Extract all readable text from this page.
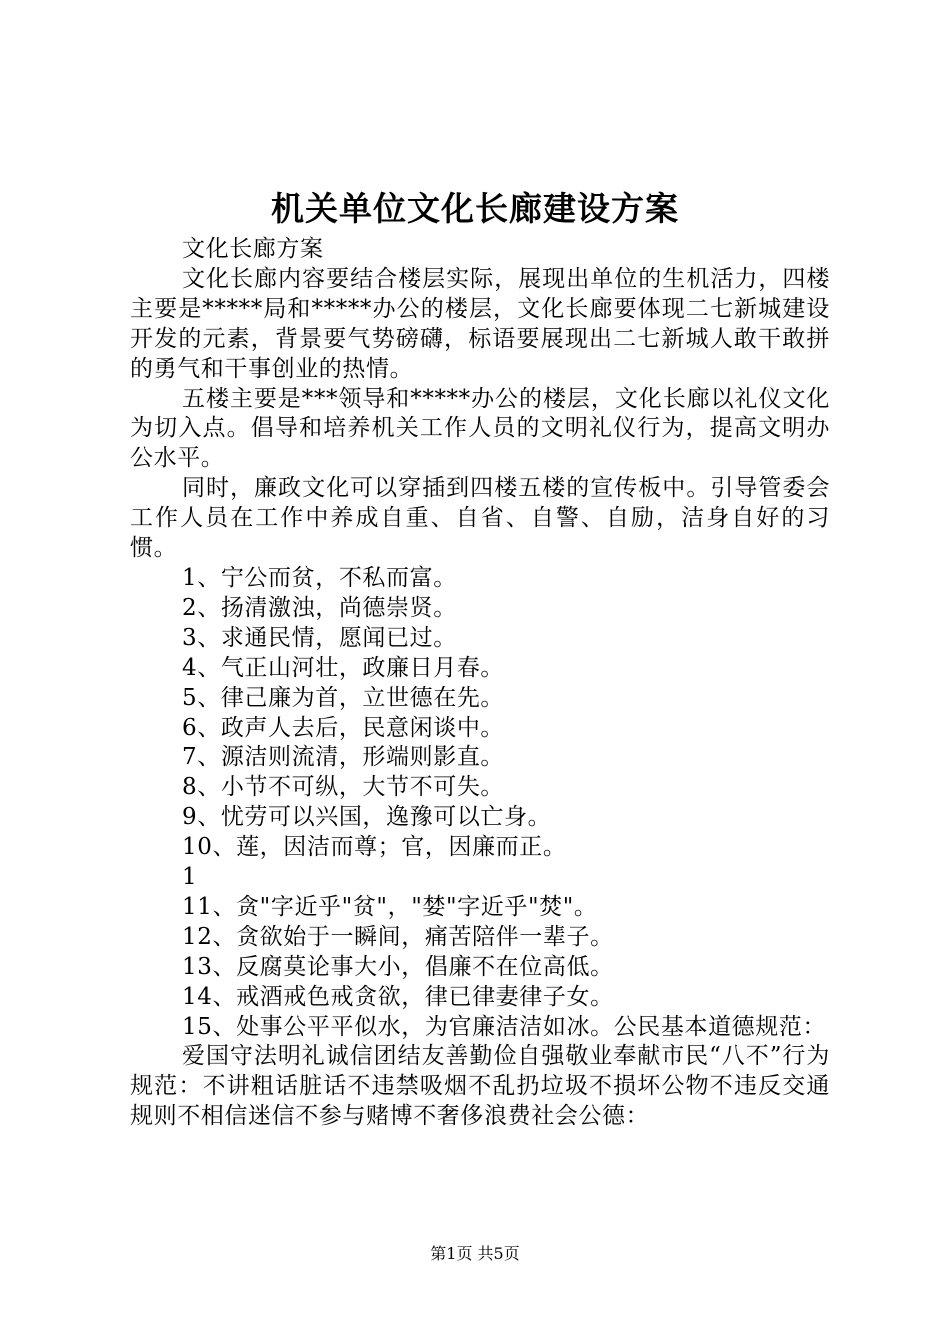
机关单位文化长廊建设方案

文化长廊方案

文化长廊内容要结合楼层实际，展现出单位的生机活力，四楼主要是*****局和*****办公的楼层，文化长廊要体现二七新城建设开发的元素，背景要气势磅礴，标语要展现出二七新城人敢干敢拼的勇气和干事创业的热情。

五楼主要是***领导和*****办公的楼层，文化长廊以礼仪文化为切入点。倡导和培养机关工作人员的文明礼仪行为，提高文明办公水平。

同时，廉政文化可以穿插到四楼五楼的宣传板中。引导管委会工作人员在工作中养成自重、自省、自警、自励，洁身自好的习惯。

1、宁公而贫，不私而富。

2、扬清激浊，尚德崇贤。

3、求通民情，愿闻已过。

4、气正山河壮，政廉日月春。

5、律己廉为首，立世德在先。

6、政声人去后，民意闲谈中。

7、源洁则流清，形端则影直。

8、小节不可纵，大节不可失。

9、忧劳可以兴国，逸豫可以亡身。

10、莲，因洁而尊；官，因廉而正。

1

11、贪"字近乎"贫"，"婪"字近乎"焚"。

12、贪欲始于一瞬间，痛苦陪伴一辈子。

13、反腐莫论事大小，倡廉不在位高低。

14、戒酒戒色戒贪欲，律已律妻律子女。

15、处事公平平似水，为官廉洁洁如冰。公民基本道德规范：

爱国守法明礼诚信团结友善勤俭自强敬业奉献市民“八不”行为规范：不讲粗话脏话不违禁吸烟不乱扔垃圾不损坏公物不违反交通规则不相信迷信不参与赌博不奢侈浪费社会公德：

第1页 共5页
